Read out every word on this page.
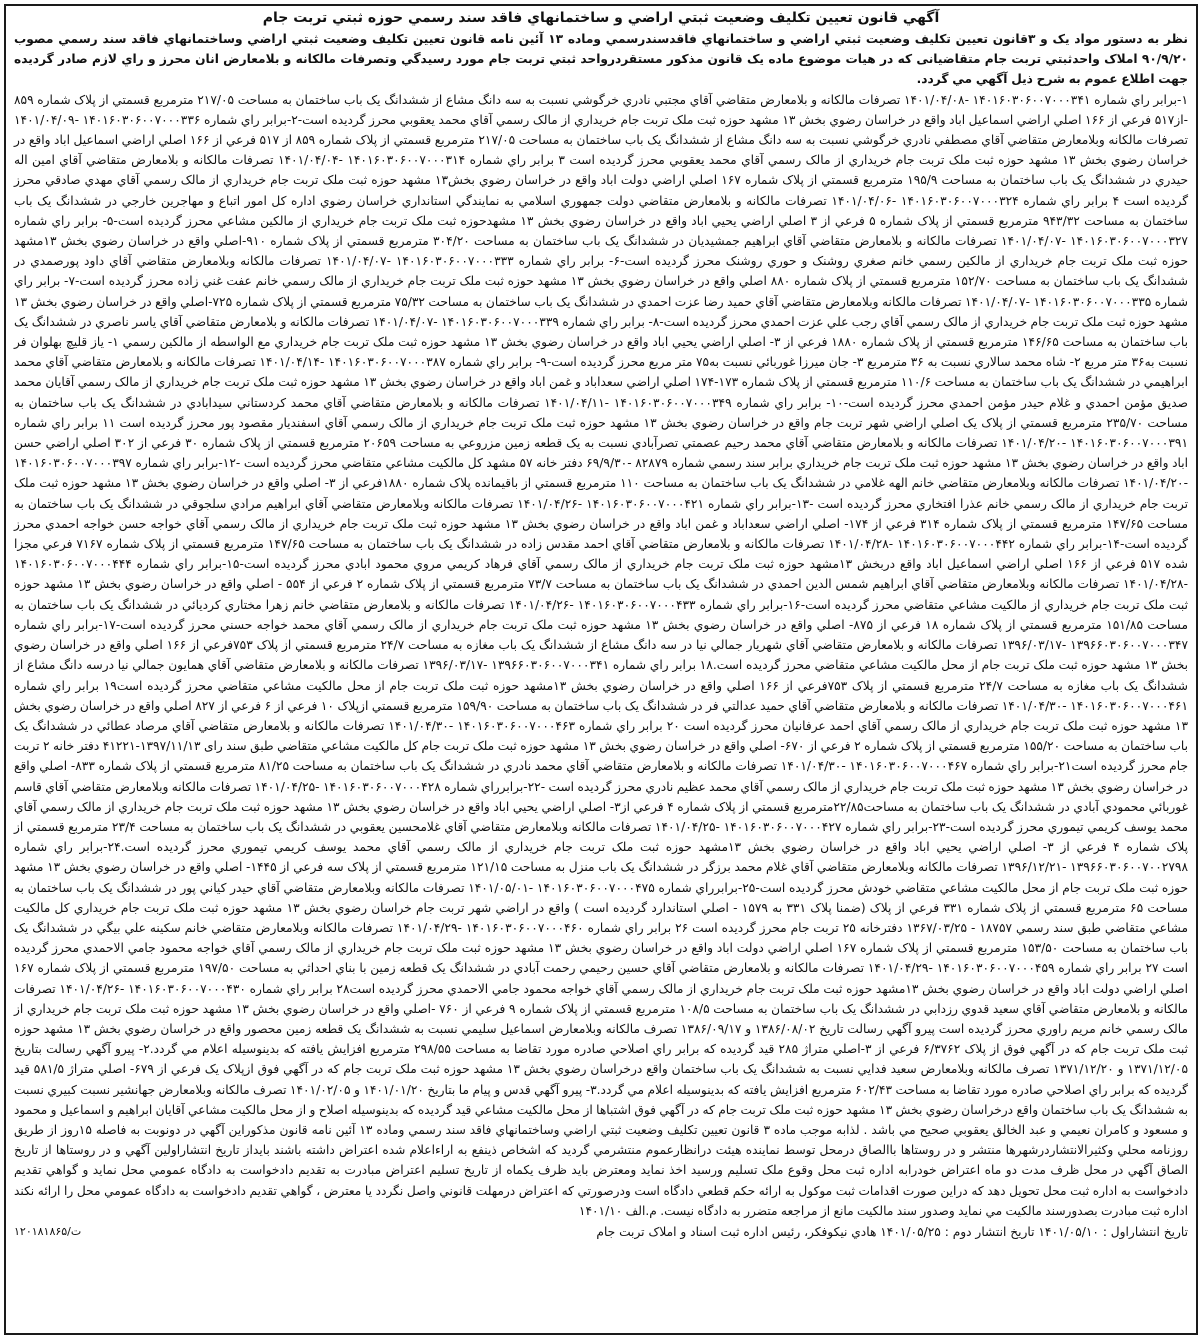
آگهي قانون تعيين تكليف وضعيت ثبتي اراضي و ساختمانهاي فاقد سند رسمي حوزه ثبتي تربت جام

نظر به دستور مواد يک و ۳قانون تعيين تکليف وضعيت ثبتي اراضي و ساختمانهاي فاقدسندرسمي وماده ۱۳ آئين نامه قانون تعيين تکليف وضعيت ثبتي اراضي وساختمانهاي فاقد سند رسمي مصوب ۹۰/۹/۲۰ املاک واحدثبتي تربت جام متقاضيانی که در هيات موضوع ماده يک قانون مذکور مستقردرواحد ثبتي تربت جام مورد رسيدگي وتصرفات مالکانه و بلامعارض انان محرز و راي لازم صادر گرديده جهت اطلاع عموم به شرح ذيل آگهي مي گردد.

۱-برابر راي شماره ۱۴۰۱۶۰۳۰۶۰۰۷۰۰۰۳۴۱ -۱۴۰۱/۰۴/۰۸ تصرفات مالکانه و بلامعارض متقاضي آقاي مجتبي نادري خرگوشي نسبت به سه دانگ مشاع از ششدانگ يک باب ساختمان به مساحت ۲۱۷/۰۵ مترمربع قسمتي از پلاک شماره ۸۵۹ -از۵۱۷ فرعي از ۱۶۶ اصلي اراضي اسماعيل اباد واقع در خراسان رضوي بخش ۱۳ مشهد حوزه ثبت ملک تربت جام خريداري از مالک رسمي آقاي محمد يعقوبي محرز گرديده است-۲-برابر راي شماره ۱۴۰۱۶۰۳۰۶۰۰۷۰۰۰۳۳۶ -۱۴۰۱/۰۴/۰۹ تصرفات مالکانه وبلامعارض متقاضي آقاي مصطفي نادري خرگوشي نسبت به سه دانگ مشاع از ششدانگ يک باب ساختمان به مساحت ۲۱۷/۰۵ مترمربع قسمتي از پلاک شماره ۸۵۹ از ۵۱۷ فرعي از ۱۶۶ اصلي اراضي اسماعيل اباد واقع در خراسان رضوي بخش ۱۳ مشهد حوزه ثبت ملک تربت جام خريداري از مالک رسمي آقاي محمد يعقوبي محرز گرديده است ۳ برابر راي شماره ۱۴۰۱۶۰۳۰۶۰۰۷۰۰۰۳۱۴ -۱۴۰۱/۰۴/۰۴ تصرفات مالکانه و بلامعارض متقاضي آقاي امين اله حيدري در ششدانگ يک باب ساختمان به مساحت ۱۹۵/۹ مترمربع قسمتي از پلاک شماره ۱۶۷ اصلي اراضي دولت اباد واقع در خراسان رضوي بخش۱۳ مشهد حوزه ثبت ملک تربت جام خريداري از مالک رسمي آقاي مهدي صادقي محرز گرديده است ۴ برابر راي شماره ۱۴۰۱۶۰۳۰۶۰۰۷۰۰۰۳۲۴ -۱۴۰۱/۰۴/۰۶ تصرفات مالکانه و بلامعارض متقاضي دولت جمهوري اسلامي به نمايندگي استانداري خراسان رضوي اداره کل امور اتباع و مهاجرين خارجي در ششدانگ يک باب ساختمان به مساحت ۹۴۳/۳۲ مترمربع قسمتي از پلاک شماره ۵ فرعي از ۳ اصلي اراضي يحيي اباد واقع در خراسان رضوي بخش ۱۳ مشهدحوزه ثبت ملک تربت جام خريداري از مالکين مشاعي محرز گرديده است-۵- برابر راي شماره ۱۴۰۱۶۰۳۰۶۰۰۷۰۰۰۳۲۷ -۱۴۰۱/۰۴/۰۷ تصرفات مالکانه و بلامعارض متقاضي آقاي ابراهيم جمشيديان در ششدانگ يک باب ساختمان به مساحت ۳۰۴/۲۰ مترمربع قسمتي از پلاک شماره ۹۱۰-اصلي واقع در خراسان رضوي بخش ۱۳مشهد حوزه ثبت ملک تربت جام خريداري از مالکين رسمي خانم صغري روشنک و حوري روشنک محرز گرديده است-۶- برابر راي شماره ۱۴۰۱۶۰۳۰۶۰۰۷۰۰۰۳۳۳ -۱۴۰۱/۰۴/۰۷ تصرفات مالکانه وبلامعارض متقاضي آقاي داود پورصمدي در ششدانگ يک باب ساختمان به مساحت ۱۵۲/۷۰ مترمربع قسمتي از پلاک شماره ۸۸۰ اصلي واقع در خراسان رضوي بخش ۱۳ مشهد حوزه ثبت ملک تربت جام خريداري از مالک رسمي خانم عفت غني زاده محرز گرديده است-۷- برابر راي شماره ۱۴۰۱۶۰۳۰۶۰۰۷۰۰۰۳۳۵ -۱۴۰۱/۰۴/۰۷ تصرفات مالکانه وبلامعارض متقاضي آقاي حميد رضا عزت احمدي در ششدانگ يک باب ساختمان به مساحت ۷۵/۳۲ مترمربع قسمتي از پلاک شماره ۷۲۵-اصلي واقع در خراسان رضوي بخش ۱۳ مشهد حوزه ثبت ملک تربت جام خريداري از مالک رسمي آقاي رجب علي عزت احمدي محرز گرديده است-۸- برابر راي شماره ۱۴۰۱۶۰۳۰۶۰۰۷۰۰۰۳۳۹ -۱۴۰۱/۰۴/۰۷ تصرفات مالکانه و بلامعارض متقاضي آقاي ياسر ناصري در ششدانگ يک باب ساختمان به مساحت ۱۴۶/۶۵ مترمربع قسمتي از پلاک شماره ۱۸۸۰ فرعي از ۳- اصلي اراضي يحيي اباد واقع در خراسان رضوي بخش ۱۳ مشهد حوزه ثبت ملک تربت جام خريداري مع الواسطه از مالکين رسمي ۱- ياز قليچ بهلوان فر نسبت به۳۶ متر مربع ۲- شاه محمد سالاري نسبت به ۳۶ مترمربع ۳- جان ميرزا غوربائي نسبت به۷۵ متر مربع محرز گرديده است-۹- برابر راي شماره ۱۴۰۱۶۰۳۰۶۰۰۷۰۰۰۳۸۷ -۱۴۰۱/۰۴/۱۴ تصرفات مالکانه و بلامعارض متقاضي آقاي محمد ابراهيمي در ششدانگ يک باب ساختمان به مساحت ۱۱۰/۶ مترمربع قسمتي از پلاک شماره ۱۷۳-۱۷۴ اصلي اراضي سعداباد و غمن اباد واقع در خراسان رضوي بخش ۱۳ مشهد حوزه ثبت ملک تربت جام خريداري از مالک رسمي آقايان محمد صديق مؤمن احمدي و غلام حيدر مؤمن احمدي محرز گرديده است-۱۰- برابر راي شماره ۱۴۰۱۶۰۳۰۶۰۰۷۰۰۰۳۴۹ -۱۴۰۱/۰۴/۱۱ تصرفات مالکانه و بلامعارض متقاضي آقاي محمد کردستاني سيدابادي در ششدانگ يک باب ساختمان به مساحت ۲۳۵/۷۰ مترمربع قسمتي از پلاک يک اصلي اراضي شهر تربت جام واقع در خراسان رضوي بخش ۱۳ مشهد حوزه ثبت ملک تربت جام خريداري از مالک رسمي آقاي اسفنديار مقصود پور محرز گرديده است ۱۱ برابر راي شماره ۱۴۰۱۶۰۳۰۶۰۰۷۰۰۰۳۹۱ -۱۴۰۱/۰۴/۲۰ تصرفات مالکانه و بلامعارض متقاضي آقاي محمد رحيم عصمتي تصرآبادي نسبت به يک قطعه زمين مزروعي به مساحت ۲۰۶۵۹ مترمربع قسمتي از پلاک شماره ۳۰ فرعي از ۳۰۲ اصلي اراضي حسن اباد واقع در خراسان رضوي بخش ۱۳ مشهد حوزه ثبت ملک تربت جام خريداري برابر سند رسمي شماره ۸۲۸۷۹ -۶۹/۹/۳۰ دفتر خانه ۵۷ مشهد کل مالکيت مشاعي متقاضي محرز گرديده است -۱۲-برابر راي شماره ۱۴۰۱۶۰۳۰۶۰۰۷۰۰۰۳۹۷ -۱۴۰۱/۰۴/۲۰ تصرفات مالکانه وبلامعارض متقاضي خانم الهه غلامي در ششدانگ يک باب ساختمان به مساحت ۱۱۰ مترمربع قسمتي از باقيمانده پلاک شماره ۱۸۸۰فرعي از ۳- اصلي واقع در خراسان رضوي بخش ۱۳ مشهد حوزه ثبت ملک تربت جام خريداري از مالک رسمي خانم عذرا افتخاري محرز گرديده است -۱۳-برابر راي شماره ۱۴۰۱۶۰۳۰۶۰۰۷۰۰۰۴۲۱ -۱۴۰۱/۰۴/۲۶ تصرفات مالکانه وبلامعارض متقاضي آقاي ابراهيم مرادي سلجوقي در ششدانگ يک باب ساختمان به مساحت ۱۴۷/۶۵ مترمربع قسمتي از پلاک شماره ۳۱۴ فرعي از ۱۷۴- اصلي اراضي سعداباد و غمن اباد واقع در خراسان رضوي بخش ۱۳ مشهد حوزه ثبت ملک تربت جام خريداري از مالک رسمي آقاي خواجه حسن خواجه احمدي محرز گرديده است-۱۴-برابر راي شماره ۱۴۰۱۶۰۳۰۶۰۰۷۰۰۰۴۴۲ -۱۴۰۱/۰۴/۲۸ تصرفات مالکانه و بلامعارض متقاضي آقاي احمد مقدس زاده در ششدانگ يک باب ساختمان به مساحت ۱۴۷/۶۵ مترمربع قسمتي از پلاک شماره ۷۱۶۷ فرعي مجزا شده ۵۱۷ فرعي از ۱۶۶ اصلي اراضي اسماعيل اباد واقع دربخش ۱۳مشهد حوزه ثبت ملک تربت جام خريداري از مالک رسمي آقاي فرهاد کريمي مروي محمود ابادي محرز گرديده است-۱۵-برابر راي شماره ۱۴۰۱۶۰۳۰۶۰۰۷۰۰۰۴۴۴ -۱۴۰۱/۰۴/۲۸ تصرفات مالکانه وبلامعارض متقاضي آقاي ابراهيم شمس الدين احمدي در ششدانگ يک باب ساختمان به مساحت ۷۳/۷ مترمربع قسمتي از پلاک شماره ۲ فرعي از ۵۵۴ - اصلي واقع در خراسان رضوي بخش ۱۳ مشهد حوزه ثبت ملک تربت جام خريداري از مالکيت مشاعي متقاضي محرز گرديده است-۱۶-برابر راي شماره ۱۴۰۱۶۰۳۰۶۰۰۷۰۰۰۴۳۳ -۱۴۰۱/۰۴/۲۶ تصرفات مالکانه و بلامعارض متقاضي خانم زهرا مختاري کرديائي در ششدانگ يک باب ساختمان به مساحت ۱۵۱/۸۵ مترمربع قسمتي از پلاک شماره ۱۸ فرعي از ۸۷۵- اصلي واقع در خراسان رضوي بخش ۱۳ مشهد حوزه ثبت ملک تربت جام خريداري از مالک رسمي آقاي محمد خواجه حسني محرز گرديده است-۱۷-برابر راي شماره ۱۳۹۶۶۰۳۰۶۰۰۷۰۰۰۳۴۷ -۱۳۹۶/۰۳/۱۷ تصرفات مالکانه و بلامعارض متقاضي آقاي شهريار جمالي نيا در سه دانگ مشاع از ششدانگ يک باب مغازه به مساحت ۲۴/۷ مترمربع قسمتي از پلاک ۷۵۳فرعي از ۱۶۶ اصلي واقع در خراسان رضوي بخش ۱۳ مشهد حوزه ثبت ملک تربت جام از محل مالکيت مشاعي متقاضي محرز گرديده است.۱۸ برابر راي شماره ۱۳۹۶۶۰۳۰۶۰۰۷۰۰۰۳۴۱ -۱۳۹۶/۰۳/۱۷ تصرفات مالکانه و بلامعارض متقاضي آقاي همايون جمالي نيا درسه دانگ مشاع از ششدانگ يک باب مغازه به مساحت ۲۴/۷ مترمربع قسمتي از پلاک ۷۵۳فرعي از ۱۶۶ اصلي واقع در خراسان رضوي بخش ۱۳مشهد حوزه ثبت ملک تربت جام از محل مالکيت مشاعي متقاضي محرز گرديده است۱۹ برابر راي شماره ۱۴۰۱۶۰۳۰۶۰۰۷۰۰۰۴۶۱ -۱۴۰۱/۰۴/۳۰ تصرفات مالکانه و بلامعارض متقاضي آقاي حميد عدالتي فر در ششدانگ يک باب ساختمان به مساحت ۱۵۹/۹۰ مترمربع قسمتي ازپلاک ۱۰ فرعي از ۶ فرعي از ۸۲۷ اصلي واقع در خراسان رضوي بخش ۱۳ مشهد حوزه ثبت ملک تربت جام خريداري از مالک رسمي آقاي احمد عرفانيان محرز گرديده است ۲۰ برابر راي شماره ۱۴۰۱۶۰۳۰۶۰۰۷۰۰۰۴۶۳ -۱۴۰۱/۰۴/۳۰ تصرفات مالکانه و بلامعارض متقاضي آقاي مرصاد عطائي در ششدانگ يک باب ساختمان به مساحت ۱۵۵/۲۰ مترمربع قسمتي از پلاک شماره ۲ فرعي از ۶۷۰- اصلي واقع در خراسان رضوي بخش ۱۳ مشهد حوزه ثبت ملک تربت جام کل مالکيت مشاعي متقاضي طبق سند رای ۱۳۹۷/۱۱/۱۳-۴۱۲۲۱ دفتر خانه ۲ تربت جام محرز گرديده است۲۱-برابر راي شماره ۱۴۰۱۶۰۳۰۶۰۰۷۰۰۰۴۶۷ -۱۴۰۱/۰۴/۳۰ تصرفات مالکانه و بلامعارض متقاضي آقاي محمد نادري در ششدانگ يک باب ساختمان به مساحت ۸۱/۲۵ مترمربع قسمتي از پلاک شماره ۸۳۳- اصلي واقع در خراسان رضوي بخش ۱۳ مشهد حوزه ثبت ملک تربت جام خريداري از مالک رسمي آقاي محمد عظيم نادري محرز گرديده است -۲۲-برابرراي شماره ۱۴۰۱۶۰۳۰۶۰۰۷۰۰۰۴۲۸ -۱۴۰۱/۰۴/۲۵ تصرفات مالکانه وبلامعارض متقاضي آقاي قاسم غوربائي محمودي آبادي در ششدانگ يک باب ساختمان به مساحت۲۲/۸۵مترمربع قسمتي از پلاک شماره ۴ فرعي از۳- اصلي اراضي يحيي اباد واقع در خراسان رضوي بخش ۱۳ مشهد حوزه ثبت ملک تربت جام خريداري از مالک رسمي آقاي محمد يوسف کريمي تيموري محرز گرديده است-۲۳-برابر راي شماره ۱۴۰۱۶۰۳۰۶۰۰۷۰۰۰۴۲۷ -۱۴۰۱/۰۴/۲۵ تصرفات مالکانه وبلامعارض متقاضي آقاي غلامحسين يعقوبي در ششدانگ يک باب ساختمان به مساحت ۲۳/۴ مترمربع قسمتي از پلاک شماره ۴ فرعي از ۳- اصلي اراضي يحيي اباد واقع در خراسان رضوي بخش ۱۳مشهد حوزه ثبت ملک تربت جام خريداري از مالک رسمي آقاي محمد يوسف کريمي تيموري محرز گرديده است.۲۴-برابر راي شماره ۱۳۹۶۶۰۳۰۶۰۰۷۰۰۲۷۹۸ -۱۳۹۶/۱۲/۲۱ تصرفات مالکانه وبلامعارض متقاضي آقاي غلام محمد برزگر در ششدانگ يک باب منزل به مساحت ۱۲۱/۱۵ مترمربع قسمتي از پلاک سه فرعي از ۱۴۴۵- اصلي واقع در خراسان رضوي بخش ۱۳ مشهد حوزه ثبت ملک تربت جام از محل مالکيت مشاعي متقاضي خودش محرز گرديده است-۲۵-برابرراي شماره ۱۴۰۱۶۰۳۰۶۰۰۷۰۰۰۴۷۵ -۱۴۰۱/۰۵/۰۱ تصرفات مالکانه وبلامعارض متقاضي آقاي حيدر کياني پور در ششدانگ يک باب ساختمان به مساحت ۶۵ مترمربع قسمتي از پلاک شماره ۳۳۱ فرعي از پلاک (ضمنا پلاک ۳۳۱ به ۱۵۷۹ - اصلي استاندارد گرديده است ) واقع در اراضي شهر تربت جام خراسان رضوي بخش ۱۳ مشهد حوزه ثبت ملک تربت جام خريداري کل مالکيت مشاعي متقاضي طبق سند رسمي ۱۸۷۵۷ - ۱۳۶۷/۰۳/۲۵ دفترخانه ۲۵ تربت جام محرز گرديده است ۲۶ برابر راي شماره ۱۴۰۱۶۰۳۰۶۰۰۷۰۰۰۴۶۰ -۱۴۰۱/۰۴/۲۹ تصرفات مالکانه وبلامعارض متقاضي خانم سکينه علي بيگي در ششدانگ يک باب ساختمان به مساحت ۱۵۳/۵۰ مترمربع قسمتي از پلاک شماره ۱۶۷ اصلي اراضي دولت اباد واقع در خراسان رضوي بخش ۱۳ مشهد حوزه ثبت ملک تربت جام خريداري از مالک رسمي آقاي خواجه محمود جامي الاحمدي محرز گرديده است ۲۷ برابر راي شماره ۱۴۰۱۶۰۳۰۶۰۰۷۰۰۰۴۵۹ -۱۴۰۱/۰۴/۲۹ تصرفات مالکانه و بلامعارض متقاضي آقاي حسين رحيمي رحمت آبادي در ششدانگ يک قطعه زمين با بناي احداثي به مساحت ۱۹۷/۵۰ مترمربع قسمتي از پلاک شماره ۱۶۷ اصلي اراضي دولت اباد واقع در خراسان رضوي بخش ۱۳مشهد حوزه ثبت ملک تربت جام خريداري از مالک رسمي آقاي خواجه محمود جامي الاحمدي محرز گرديده است۲۸ برابر راي شماره ۱۴۰۱۶۰۳۰۶۰۰۷۰۰۰۴۳۰ -۱۴۰۱/۰۴/۲۶ تصرفات مالکانه و بلامعارض متقاضي آقاي سعيد قدوي رزدابي در ششدانگ يک باب ساختمان به مساحت ۱۰۸/۵ مترمربع قسمتي از پلاک شماره ۹ فرعي از ۷۶۰ -اصلي واقع در خراسان رضوي بخش ۱۳ مشهد حوزه ثبت ملک تربت جام خريداري از مالک رسمي خانم مريم راوري محرز گرديده است پيرو آگهي رسالت تاريخ ۱۳۸۶/۰۸/۰۲ و ۱۳۸۶/۰۹/۱۷ تصرف مالکانه وبلامعارض اسماعيل سليمي نسبت به ششدانگ يک قطعه زمين محصور واقع در خراسان رضوي بخش ۱۳ مشهد حوزه ثبت ملک تربت جام که در آگهي فوق از پلاک ۶/۳۷۶۲ فرعي از ۳-اصلي متراژ ۲۸۵ قيد گرديده که برابر راي اصلاحي صادره مورد تقاضا به مساحت ۲۹۸/۵۵ مترمربع افزايش يافته که بدينوسيله اعلام مي گردد.۲- پيرو آگهي رسالت بتاريخ ۱۳۷۱/۱۲/۰۵ و ۱۳۷۱/۱۲/۲۰ تصرف مالکانه وبلامعارض سعيد فدايي نسبت به ششدانگ يک باب ساختمان واقع درخراسان رضوي بخش ۱۳ مشهد حوزه ثبت ملک تربت جام که در آگهي فوق ازپلاک يک فرعي از ۶۷۹- اصلي متراژ ۵۸۱/۵ قيد گرديده که برابر راي اصلاحي صادره مورد تقاضا به مساحت ۶۰۲/۴۳ مترمربع افزايش يافته که بدينوسيله اعلام مي گردد.۳- پيرو آگهي قدس و پيام ما بتاريخ ۱۴۰۱/۰۱/۲۰ و ۱۴۰۱/۰۲/۰۵ تصرف مالکانه وبلامعارض جهانشير نسبت کبيري نسبت به ششدانگ يک باب ساختمان واقع درخراسان رضوي بخش ۱۳ مشهد حوزه ثبت ملک تربت جام که در آگهي فوق اشتباها از محل مالکيت مشاعي قيد گرديده که بدينوسيله اصلاح و از محل مالکيت مشاعي آقايان ابراهيم و اسماعيل و محمود و مسعود و کامران نعيمي و عبد الخالق يعقوبي صحيح مي باشد . لذابه موجب ماده ۳ قانون تعيين تکليف وضعيت ثبتي اراضي وساختمانهاي فاقد سند رسمي وماده ۱۳ آئين نامه قانون مذکوراين آگهي در دونوبت به فاصله ۱۵روز از طريق روزنامه محلي وکثيرالانتشاردرشهرها منتشر و در روستاها باالصاق درمحل توسط نماينده هيئت درانظارعموم منتشرمي گرديد که اشخاص ذينفع به اراءاعلام شده اعتراض داشته باشند بايداز تاريخ انتشاراولين آگهي و در روستاها از تاريخ الصاق آگهي در محل ظرف مدت دو ماه اعتراض خودرابه اداره ثبت محل وقوع ملک تسليم ورسيد اخذ نمايد ومعترض بايد ظرف يکماه از تاريخ تسليم اعتراض مبادرت به تقديم دادخواست به دادگاه عمومي محل نمايد و گواهي تقديم دادخواست به اداره ثبت محل تحويل دهد که دراين صورت اقدامات ثبت موکول به ارائه حکم قطعي دادگاه است ودرصورتي که اعتراض درمهلت قانوني واصل نگردد يا معترض ، گواهي تقديم دادخواست به دادگاه عمومي محل را ارائه نکند اداره ثبت مبادرت بصدورسند مالکيت مي نمايد وصدور سند مالکيت مانع از مراجعه متضرر به دادگاه نيست. م.الف ۱۴۰۱/۱۰

تاريخ انتشاراول : ۱۴۰۱/۰۵/۱۰ تاريخ انتشار دوم : ۱۴۰۱/۰۵/۲۵ هادي نيکوفکر، رئيس اداره ثبت اسناد و املاک تربت جام
۱۲۰۱۸۱۸۶۵/ت
